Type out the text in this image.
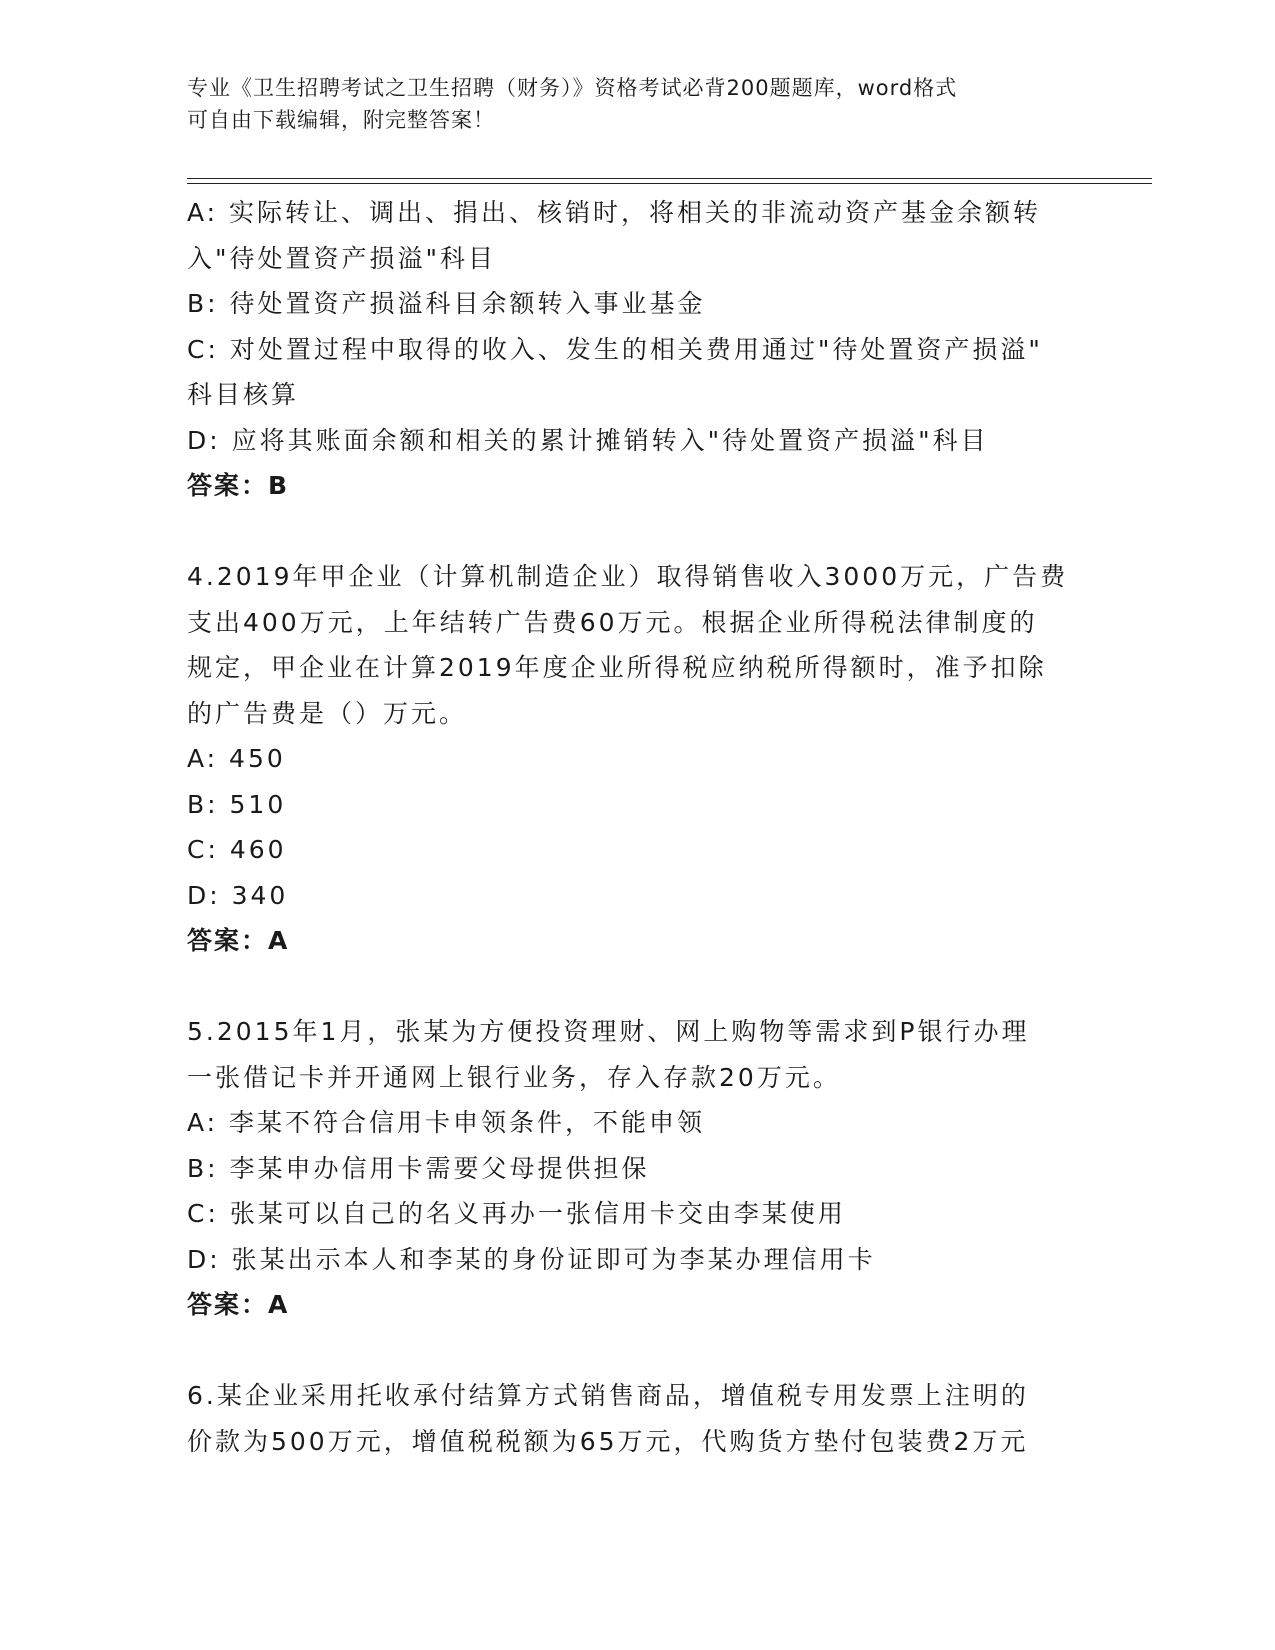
专业《卫生招聘考试之卫生招聘（财务）》资格考试必背200题题库，word格式
可自由下载编辑，附完整答案！
A: 实际转让、调出、捐出、核销时，将相关的非流动资产基金余额转
入"待处置资产损溢"科目
B: 待处置资产损溢科目余额转入事业基金
C: 对处置过程中取得的收入、发生的相关费用通过"待处置资产损溢"
科目核算
D: 应将其账面余额和相关的累计摊销转入"待处置资产损溢"科目
答案：B
4.2019年甲企业（计算机制造企业）取得销售收入3000万元，广告费
支出400万元，上年结转广告费60万元。根据企业所得税法律制度的
规定，甲企业在计算2019年度企业所得税应纳税所得额时，准予扣除
的广告费是（）万元。
A: 450
B: 510
C: 460
D: 340
答案：A
5.2015年1月，张某为方便投资理财、网上购物等需求到P银行办理
一张借记卡并开通网上银行业务，存入存款20万元。
A: 李某不符合信用卡申领条件，不能申领
B: 李某申办信用卡需要父母提供担保
C: 张某可以自己的名义再办一张信用卡交由李某使用
D: 张某出示本人和李某的身份证即可为李某办理信用卡
答案：A
6.某企业采用托收承付结算方式销售商品，增值税专用发票上注明的
价款为500万元，增值税税额为65万元，代购货方垫付包装费2万元
